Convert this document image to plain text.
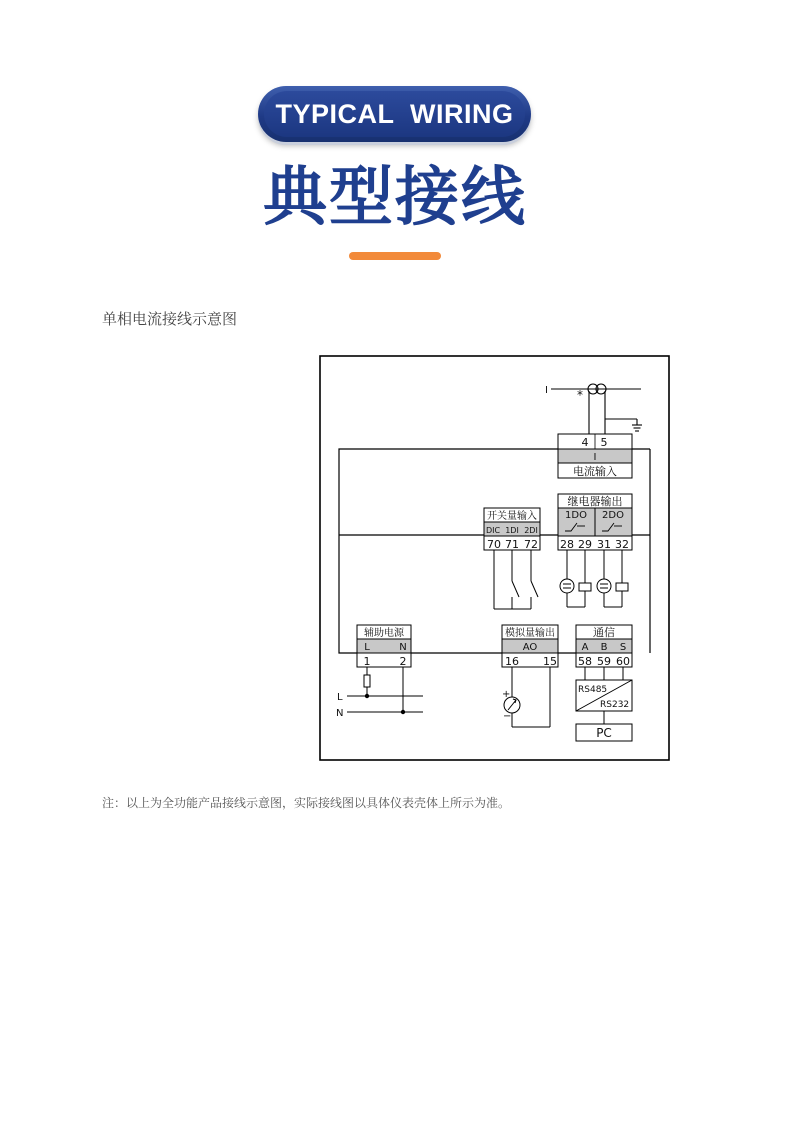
TYPICAL  WIRING
典型接线
单相电流接线示意图
4 5
I
电流输入
I *
继电器输出
1DO 2DO
28 29 31 32
开关量输入
DIC 1DI 2DI
70 71 72
辅助电源
L	N
1	2
L
N
模拟量输出
AO
16 15
+
−
通信
A B S
58 59 60
RS485
RS232
PC
注：以上为全功能产品接线示意图，实际接线图以具体仪表壳体上所示为准。
